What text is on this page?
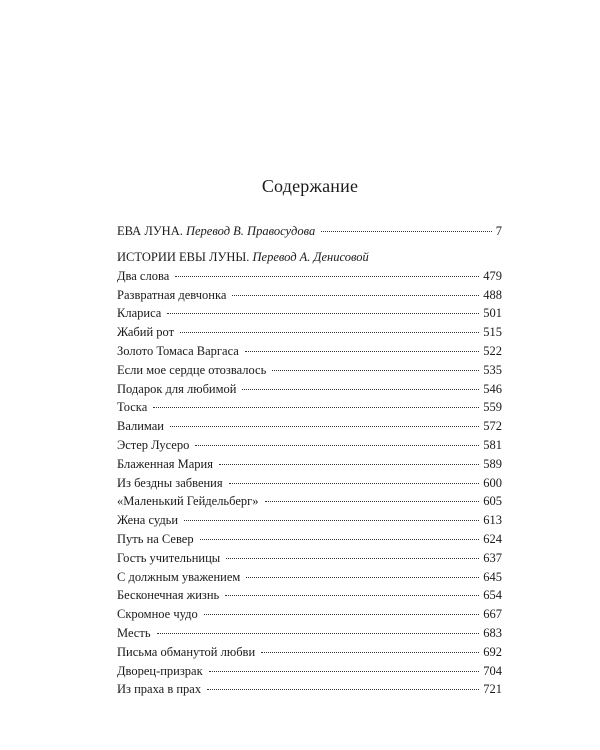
Содержание
ЕВА ЛУНА. Перевод В. Правосудова	7
ИСТОРИИ ЕВЫ ЛУНЫ. Перевод А. Денисовой
Два слова	479
Развратная девчонка	488
Клариса	501
Жабий рот	515
Золото Томаса Варгаса	522
Если мое сердце отозвалось	535
Подарок для любимой	546
Тоска	559
Валимаи	572
Эстер Лусеро	581
Блаженная Мария	589
Из бездны забвения	600
«Маленький Гейдельберг»	605
Жена судьи	613
Путь на Север	624
Гость учительницы	637
С должным уважением	645
Бесконечная жизнь	654
Скромное чудо	667
Месть	683
Письма обманутой любви	692
Дворец-призрак	704
Из праха в прах	721
